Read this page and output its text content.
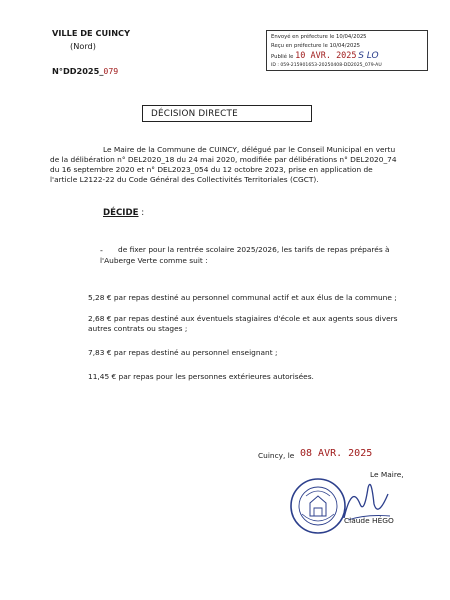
VILLE DE CUINCY
(Nord)
N°DD2025_079
Envoyé en préfecture le 10/04/2025
Reçu en préfecture le 10/04/2025
Publié le 10 AVR. 2025 S LO
ID : 059-215901653-20250408-DD2025_079-AU
DÉCISION DIRECTE
Le Maire de la Commune de CUINCY, délégué par le Conseil Municipal en vertu
de la délibération n° DEL2020_18 du 24 mai 2020, modifiée par délibérations n° DEL2020_74
du 16 septembre 2020 et n° DEL2023_054 du 12 octobre 2023, prise en application de
l'article L2122-22 du Code Général des Collectivités Territoriales (CGCT).
DÉCIDE :
- de fixer pour la rentrée scolaire 2025/2026, les tarifs de repas préparés à
l'Auberge Verte comme suit :
5,28 € par repas destiné au personnel communal actif et aux élus de la commune ;
2,68 € par repas destiné aux éventuels stagiaires d'école et aux agents sous divers
autres contrats ou stages ;
7,83 € par repas destiné au personnel enseignant ;
11,45 € par repas pour les personnes extérieures autorisées.
Cuincy, le 08 AVR. 2025
Le Maire,
Claude HÉGO
